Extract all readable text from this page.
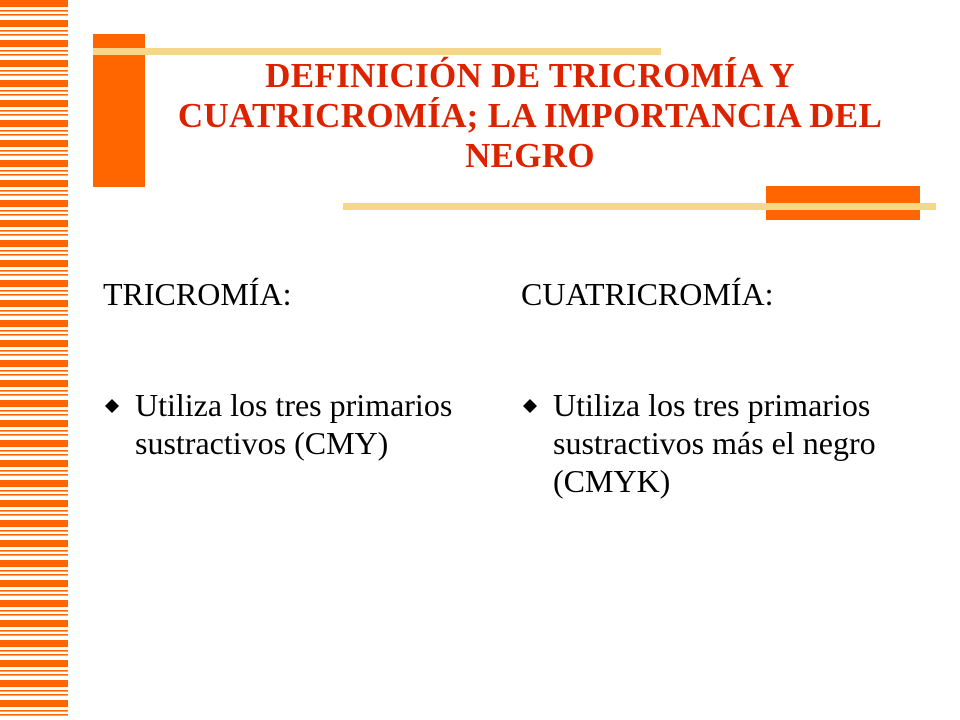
DEFINICIÓN DE TRICROMÍA Y CUATRICROMÍA; LA IMPORTANCIA DEL NEGRO

TRICROMÍA:

Utiliza los tres primarios sustractivos (CMY)

CUATRICROMÍA:

Utiliza los tres primarios sustractivos más el negro (CMYK)
